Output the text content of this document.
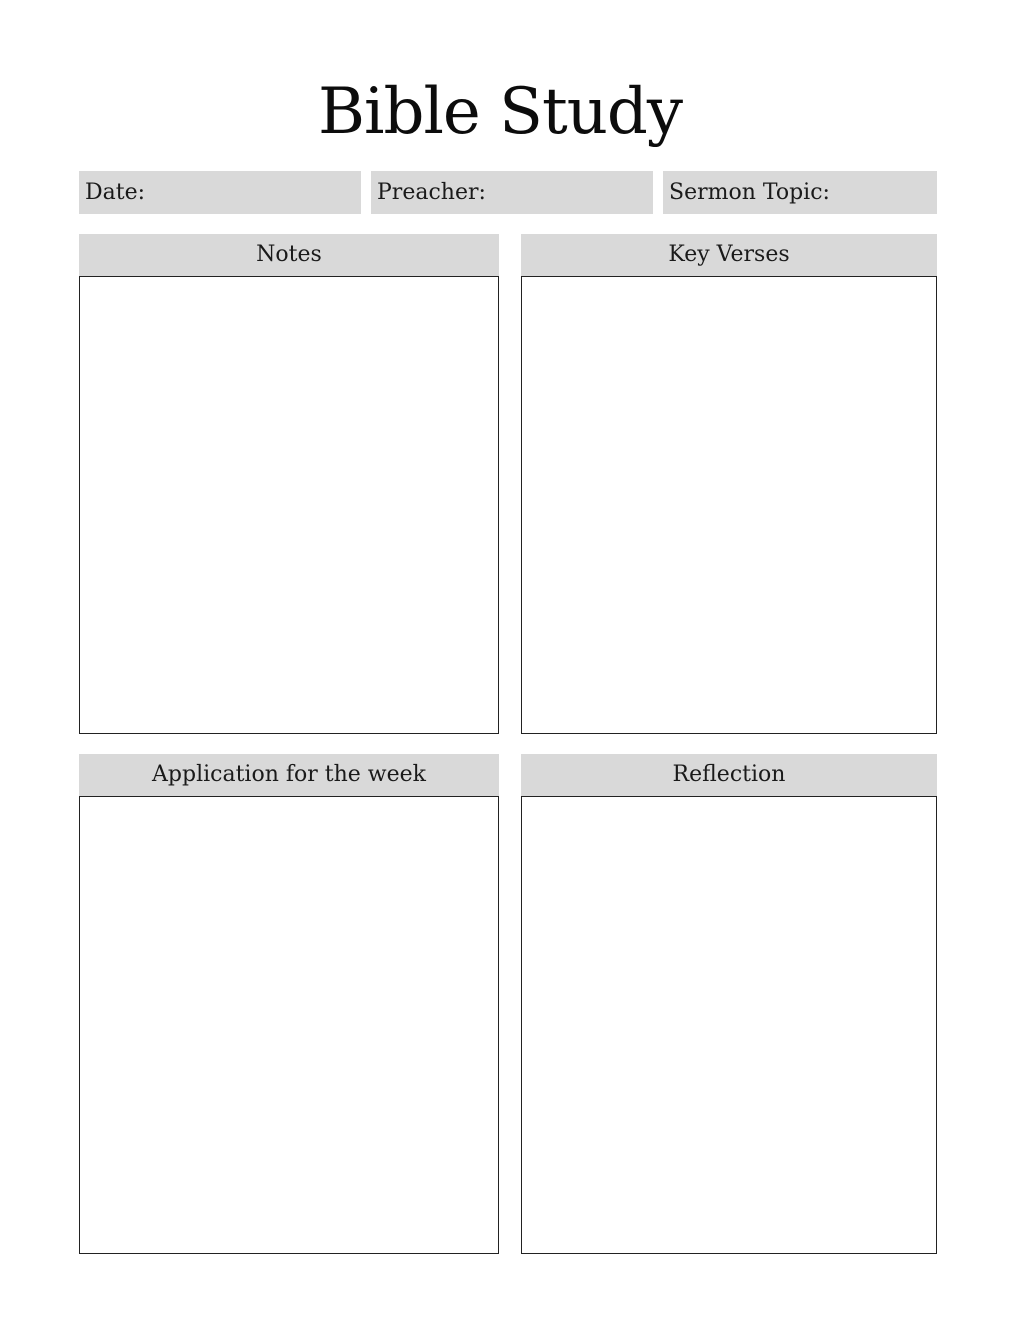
Bible Study
Date:	Preacher:	Sermon Topic:
Notes	Key Verses
Application for the week	Reflection
